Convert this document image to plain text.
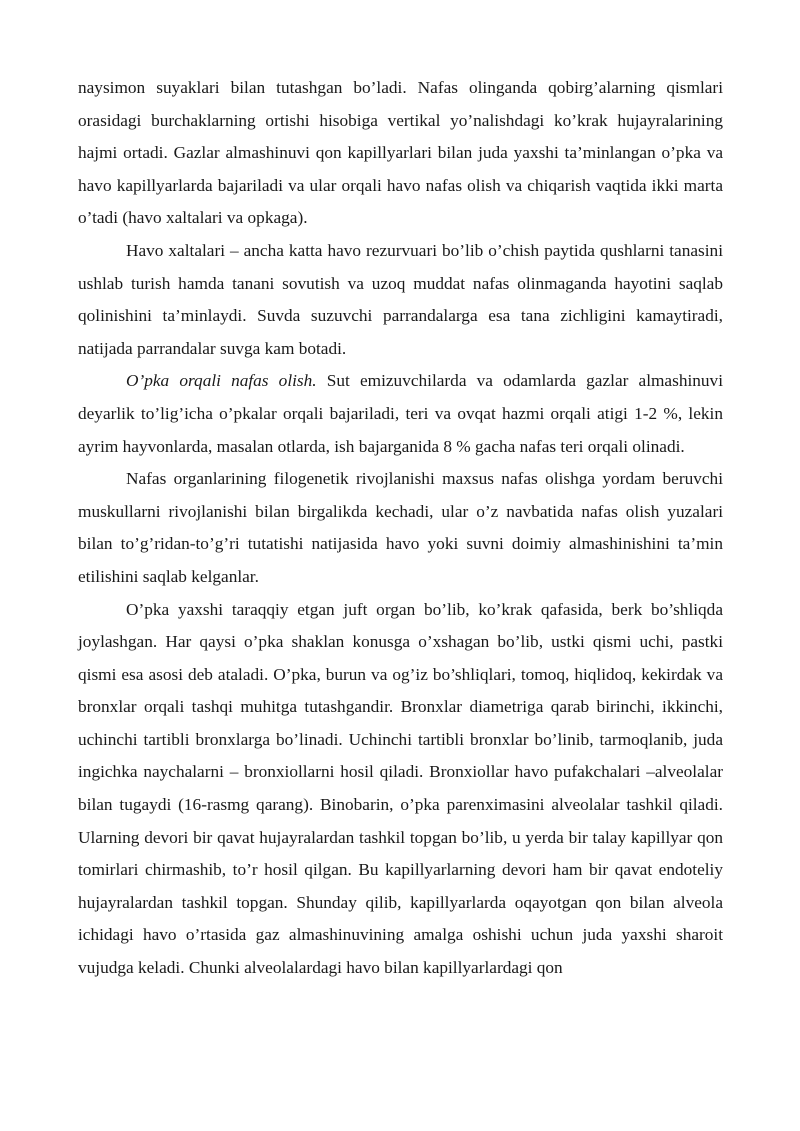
naysimon suyaklari bilan tutashgan bo’ladi. Nafas olinganda qobirg’alarning qismlari orasidagi burchaklarning ortishi hisobiga vertikal yo’nalishdagi ko’krak hujayralarining hajmi ortadi. Gazlar almashinuvi qon kapillyarlari bilan juda yaxshi ta’minlangan o’pka va havo kapillyarlarda bajariladi va ular orqali havo nafas olish va chiqarish vaqtida ikki marta o’tadi (havo xaltalari va opkaga).

Havo xaltalari – ancha katta havo rezurvuari bo’lib o’chish paytida qushlarni tanasini ushlab turish hamda tanani sovutish va uzoq muddat nafas olinmaganda hayotini saqlab qolinishini ta’minlaydi. Suvda suzuvchi parrandalarga esa tana zichligini kamaytiradi, natijada parrandalar suvga kam botadi.

O’pka orqali nafas olish. Sut emizuvchilarda va odamlarda gazlar almashinuvi deyarlik to’lig’icha o’pkalar orqali bajariladi, teri va ovqat hazmi orqali atigi 1-2 %, lekin ayrim hayvonlarda, masalan otlarda, ish bajarganida 8 % gacha nafas teri orqali olinadi.

Nafas organlarining filogenetik rivojlanishi maxsus nafas olishga yordam beruvchi muskullarni rivojlanishi bilan birgalikda kechadi, ular o’z navbatida nafas olish yuzalari bilan to’g’ridan-to’g’ri tutatishi natijasida havo yoki suvni doimiy almashinishini ta’min etilishini saqlab kelganlar.

O’pka yaxshi taraqqiy etgan juft organ bo’lib, ko’krak qafasida, berk bo’shliqda joylashgan. Har qaysi o’pka shaklan konusga o’xshagan bo’lib, ustki qismi uchi, pastki qismi esa asosi deb ataladi. O’pka, burun va og’iz bo’shliqlari, tomoq, hiqlidoq, kekirdak va bronxlar orqali tashqi muhitga tutashgandir. Bronxlar diametriga qarab birinchi, ikkinchi, uchinchi tartibli bronxlarga bo’linadi. Uchinchi tartibli bronxlar bo’linib, tarmoqlanib, juda ingichka naychalarni – bronxiollarni hosil qiladi. Bronxiollar havo pufakchalari –alveolalar bilan tugaydi (16-rasmg qarang). Binobarin, o’pka parenximasini alveolalar tashkil qiladi. Ularning devori bir qavat hujayralardan tashkil topgan bo’lib, u yerda bir talay kapillyar qon tomirlari chirmashib, to’r hosil qilgan. Bu kapillyarlarning devori ham bir qavat endoteliy hujayralardan tashkil topgan. Shunday qilib, kapillyarlarda oqayotgan qon bilan alveola ichidagi havo o’rtasida gaz almashinuvining amalga oshishi uchun juda yaxshi sharoit vujudga keladi. Chunki alveolalardagi havo bilan kapillyarlardagi qon
